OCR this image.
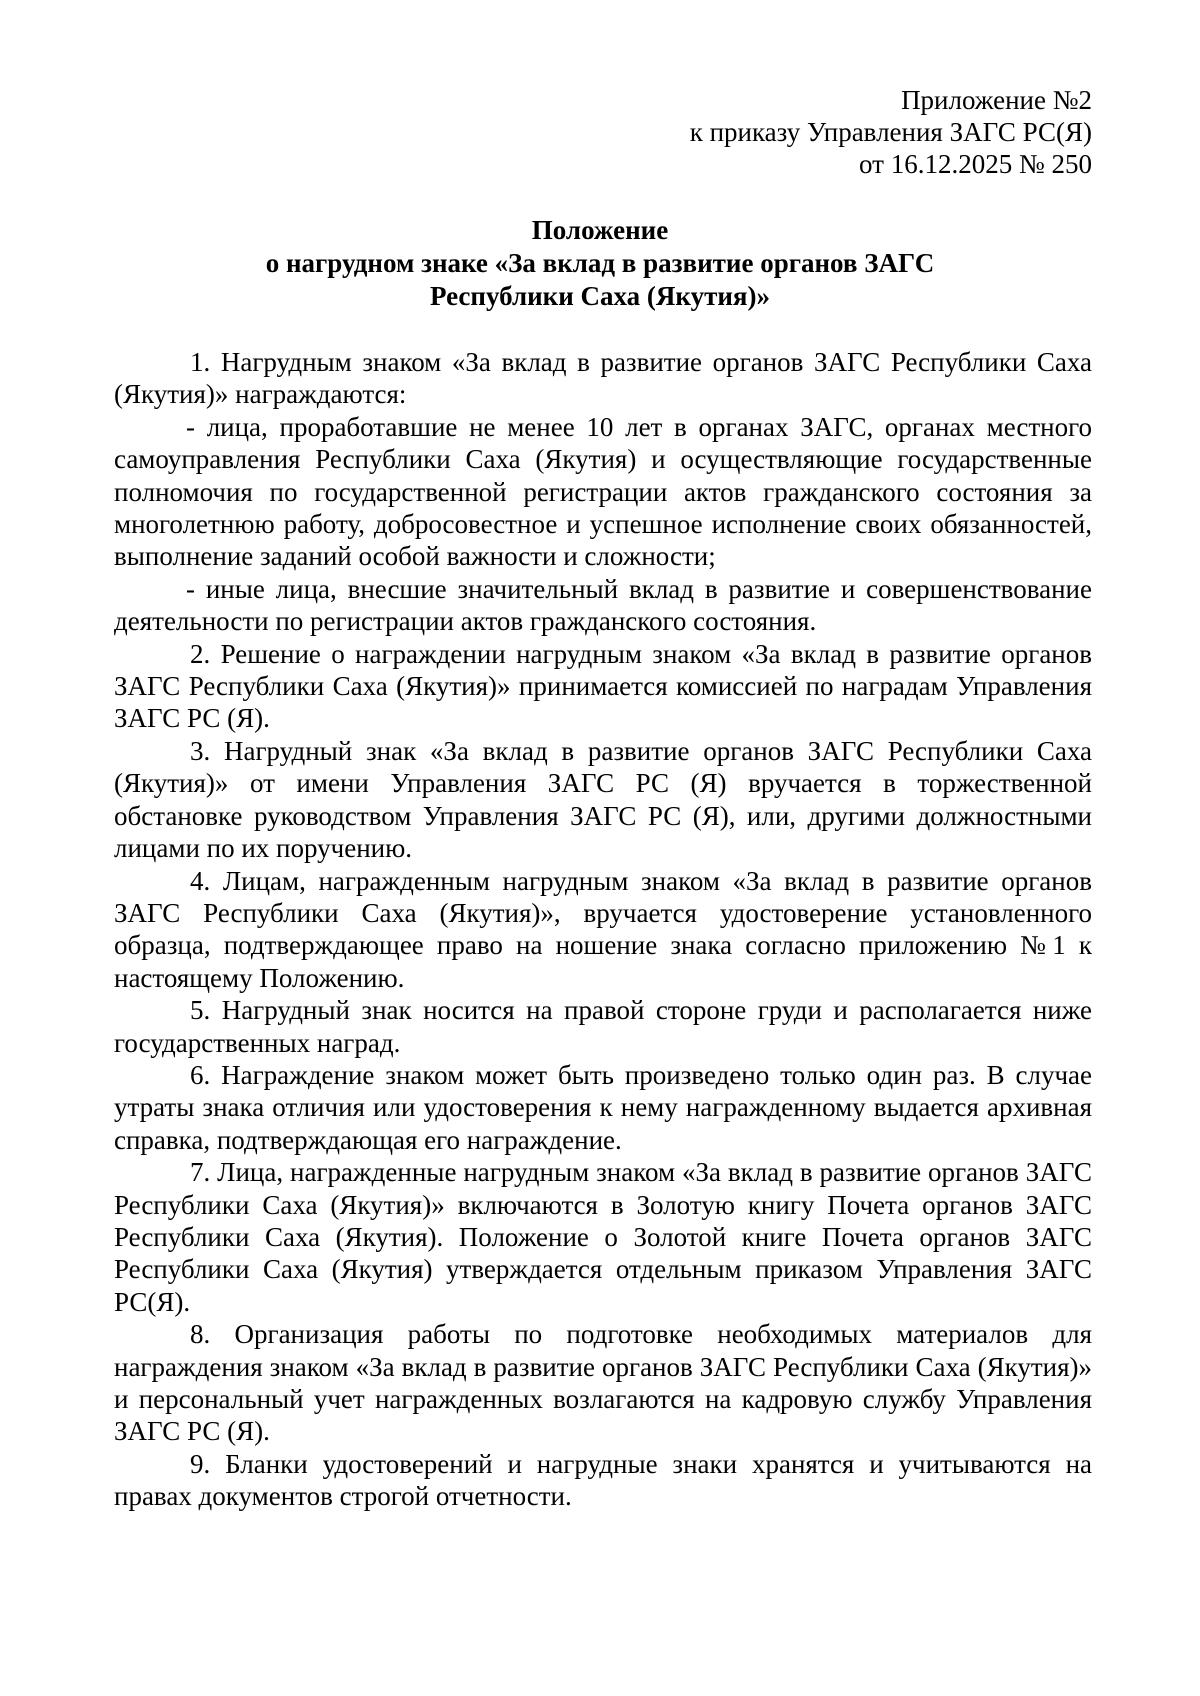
Приложение №2
к приказу Управления ЗАГС РС(Я)
от 16.12.2025 № 250
Положение
о нагрудном знаке «За вклад в развитие органов ЗАГС
Республики Саха (Якутия)»

1. Нагрудным знаком «За вклад в развитие органов ЗАГС Республики Саха (Якутия)» награждаются:

- лица, проработавшие не менее 10 лет в органах ЗАГС, органах местного самоуправления Республики Саха (Якутия) и осуществляющие государственные полномочия по государственной регистрации актов гражданского состояния за многолетнюю работу, добросовестное и успешное исполнение своих обязанностей, выполнение заданий особой важности и сложности;

- иные лица, внесшие значительный вклад в развитие и совершенствование деятельности по регистрации актов гражданского состояния.

2. Решение о награждении нагрудным знаком «За вклад в развитие органов ЗАГС Республики Саха (Якутия)» принимается комиссией по наградам Управления ЗАГС РС (Я).

3. Нагрудный знак «За вклад в развитие органов ЗАГС Республики Саха (Якутия)» от имени Управления ЗАГС РС (Я) вручается в торжественной обстановке руководством Управления ЗАГС РС (Я), или, другими должностными лицами по их поручению.

4. Лицам, награжденным нагрудным знаком «За вклад в развитие органов ЗАГС Республики Саха (Якутия)», вручается удостоверение установленного образца, подтверждающее право на ношение знака согласно приложению №1 к настоящему Положению.

5. Нагрудный знак носится на правой стороне груди и располагается ниже государственных наград.

6. Награждение знаком может быть произведено только один раз. В случае утраты знака отличия или удостоверения к нему награжденному выдается архивная справка, подтверждающая его награждение.

7. Лица, награжденные нагрудным знаком «За вклад в развитие органов ЗАГС Республики Саха (Якутия)» включаются в Золотую книгу Почета органов ЗАГС Республики Саха (Якутия). Положение о Золотой книге Почета органов ЗАГС Республики Саха (Якутия) утверждается отдельным приказом Управления ЗАГС РС(Я).

8. Организация работы по подготовке необходимых материалов для награждения знаком «За вклад в развитие органов ЗАГС Республики Саха (Якутия)» и персональный учет награжденных возлагаются на кадровую службу Управления ЗАГС РС (Я).

9. Бланки удостоверений и нагрудные знаки хранятся и учитываются на правах документов строгой отчетности.
